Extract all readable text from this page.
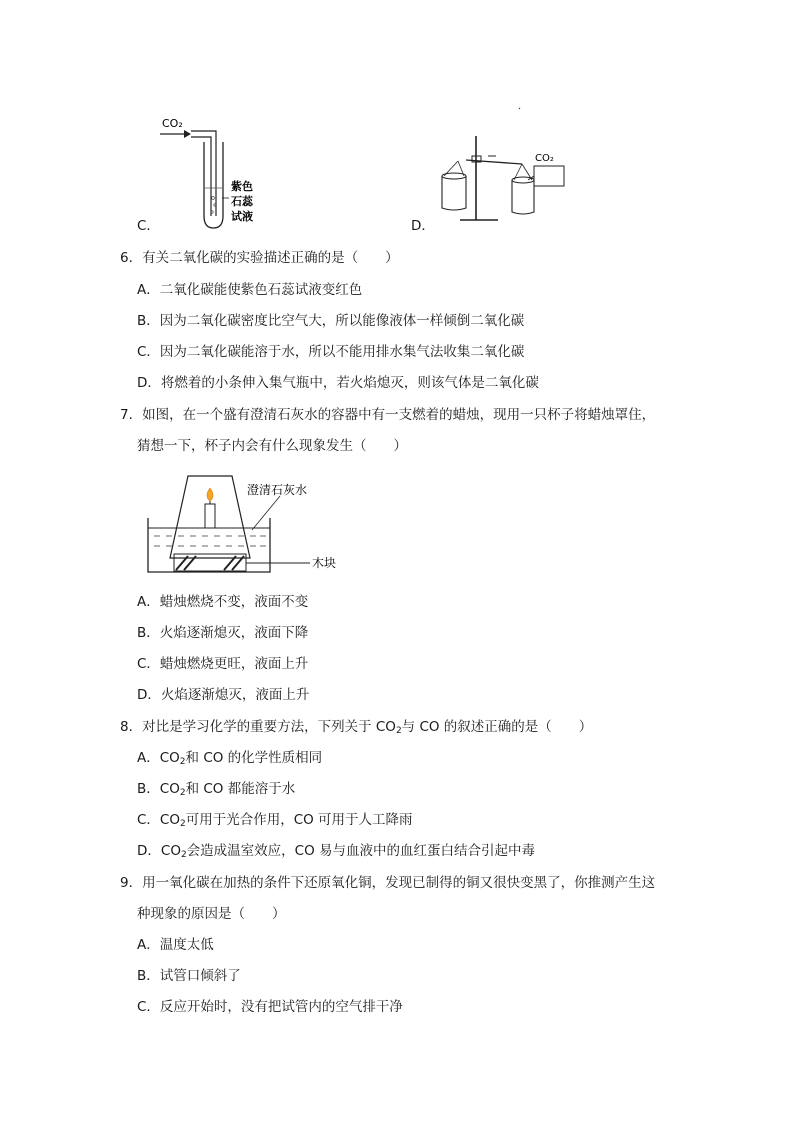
C．
CO₂
紫色
石蕊
试液
D．
CO₂
6．有关二氧化碳的实验描述正确的是（　　）
A．二氧化碳能使紫色石蕊试液变红色
B．因为二氧化碳密度比空气大，所以能像液体一样倾倒二氧化碳
C．因为二氧化碳能溶于水，所以不能用排水集气法收集二氧化碳
D．将燃着的小条伸入集气瓶中，若火焰熄灭，则该气体是二氧化碳
7．如图，在一个盛有澄清石灰水的容器中有一支燃着的蜡烛，现用一只杯子将蜡烛罩住，
猜想一下，杯子内会有什么现象发生（　　）
澄清石灰水
木块
A．蜡烛燃烧不变，液面不变
B．火焰逐渐熄灭，液面下降
C．蜡烛燃烧更旺，液面上升
D．火焰逐渐熄灭，液面上升
8．对比是学习化学的重要方法，下列关于 $CO_2$与 CO 的叙述正确的是（　　）
A．$CO_2$和 CO 的化学性质相同
B．$CO_2$和 CO 都能溶于水
C．$CO_2$可用于光合作用，CO 可用于人工降雨
D．$CO_2$会造成温室效应，CO 易与血液中的血红蛋白结合引起中毒
9．用一氧化碳在加热的条件下还原氧化铜，发现已制得的铜又很快变黑了，你推测产生这
种现象的原因是（　　）
A．温度太低
B．试管口倾斜了
C．反应开始时，没有把试管内的空气排干净
